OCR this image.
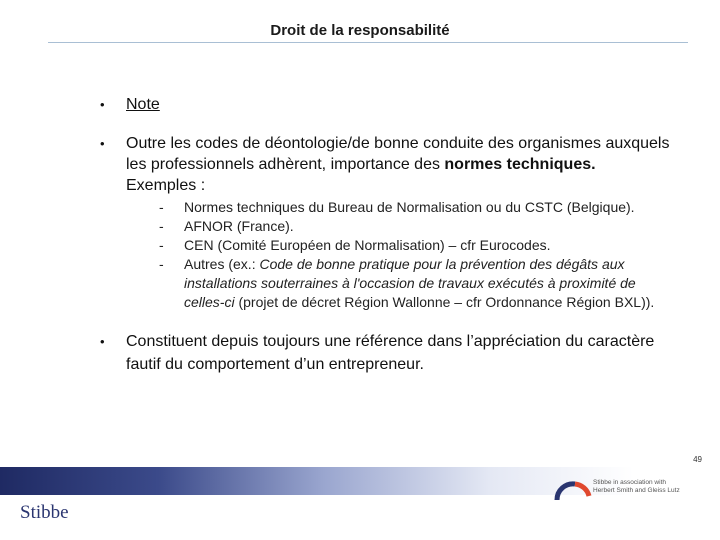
Droit de la responsabilité
• Note
• Outre les codes de déontologie/de bonne conduite des organismes auxquels les professionnels adhèrent, importance des normes techniques.
Exemples :
- Normes techniques du Bureau de Normalisation ou du CSTC (Belgique).
- AFNOR (France).
- CEN (Comité Européen de Normalisation) – cfr Eurocodes.
- Autres (ex.: Code de bonne pratique pour la prévention des dégâts aux installations souterraines à l'occasion de travaux exécutés à proximité de celles-ci (projet de décret Région Wallonne – cfr Ordonnance Région BXL)).
• Constituent depuis toujours une référence dans l’appréciation du caractère fautif du comportement d’un entrepreneur.
49
Stibbe
Stibbe in association with
Herbert Smith and Gleiss Lutz
